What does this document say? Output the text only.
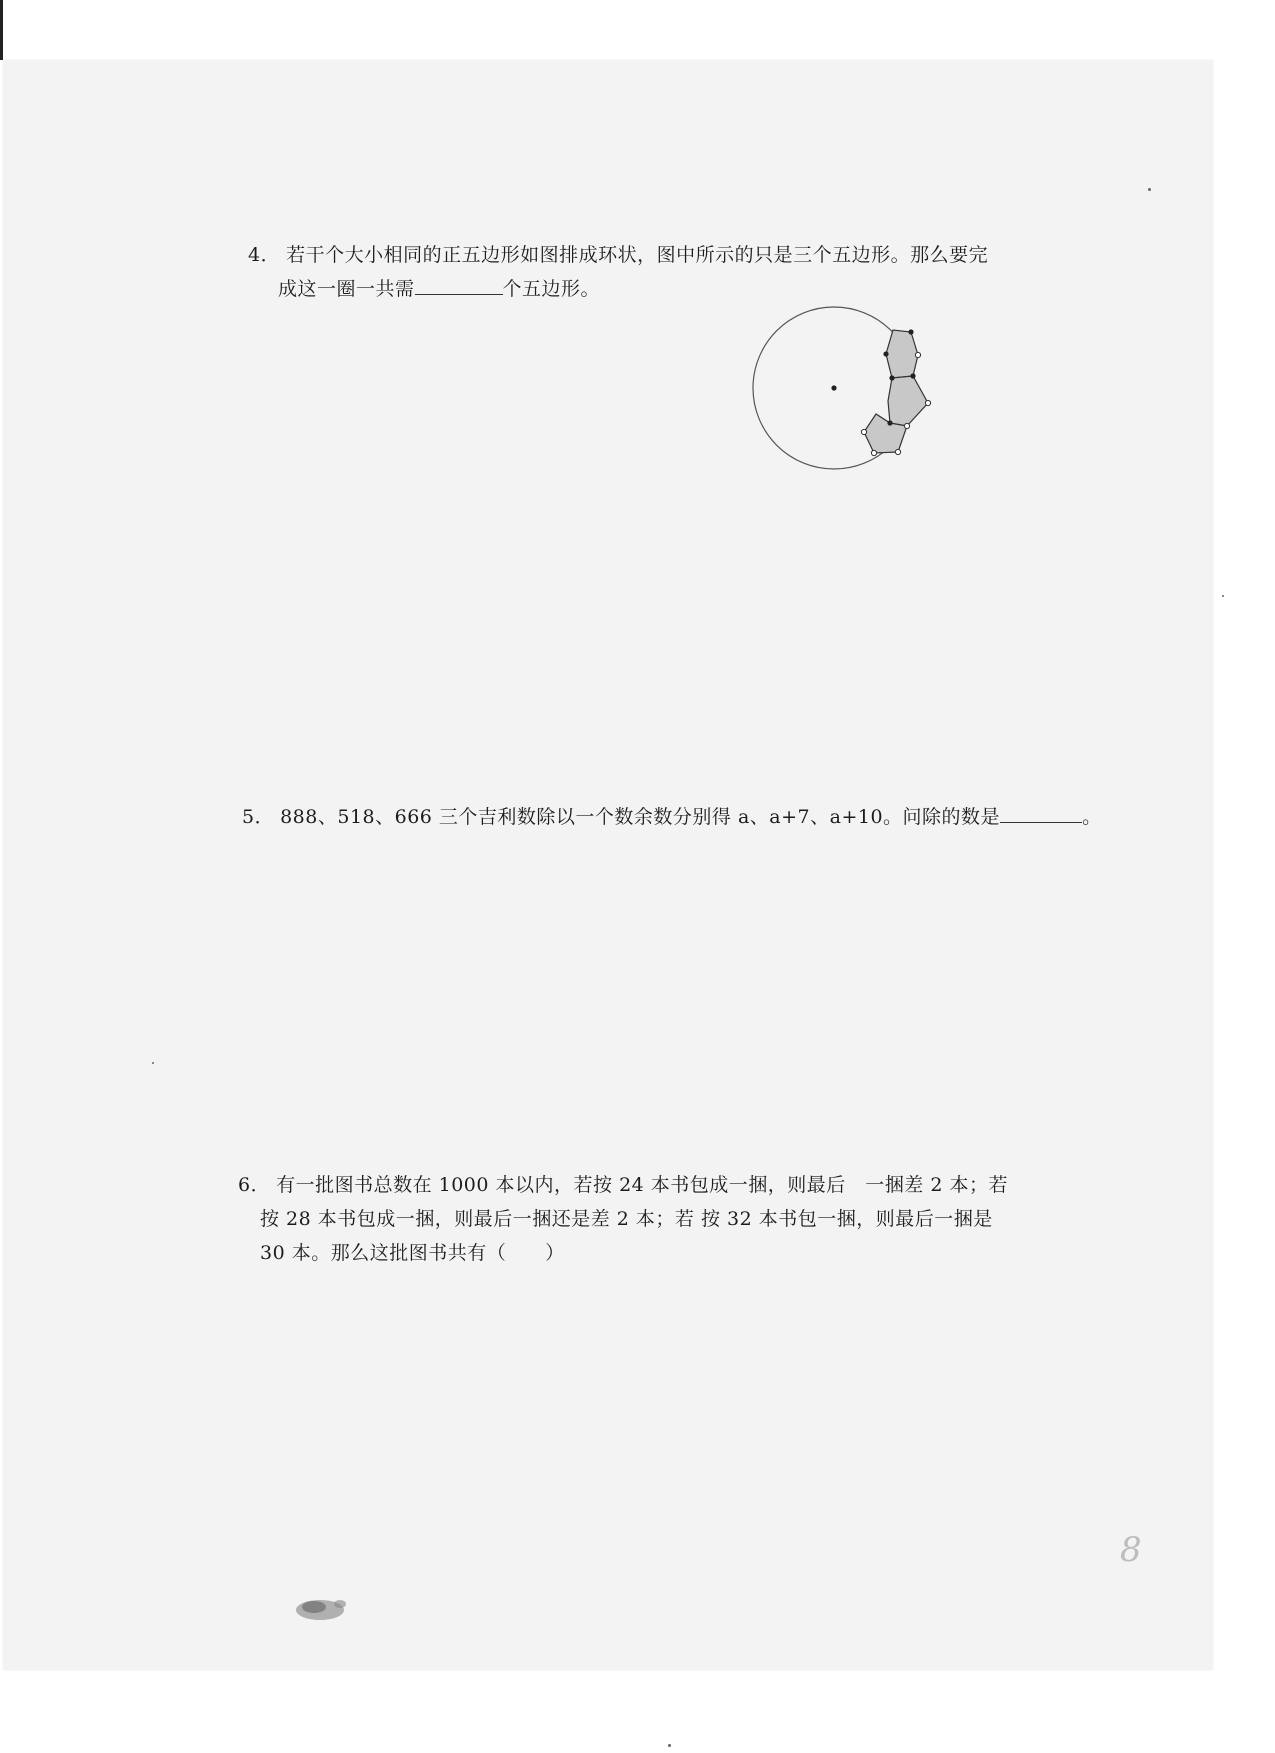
4． 若干个大小相同的正五边形如图排成环状，图中所示的只是三个五边形。那么要完
成这一圈一共需	个五边形。
5． 888、518、666 三个吉利数除以一个数余数分别得 a、a+7、a+10。问除的数是	。
6． 有一批图书总数在 1000 本以内，若按 24 本书包成一捆，则最后　一捆差 2 本；若
按 28 本书包成一捆，则最后一捆还是差 2 本；若 按 32 本书包一捆，则最后一捆是
30 本。那么这批图书共有（　　）
8
